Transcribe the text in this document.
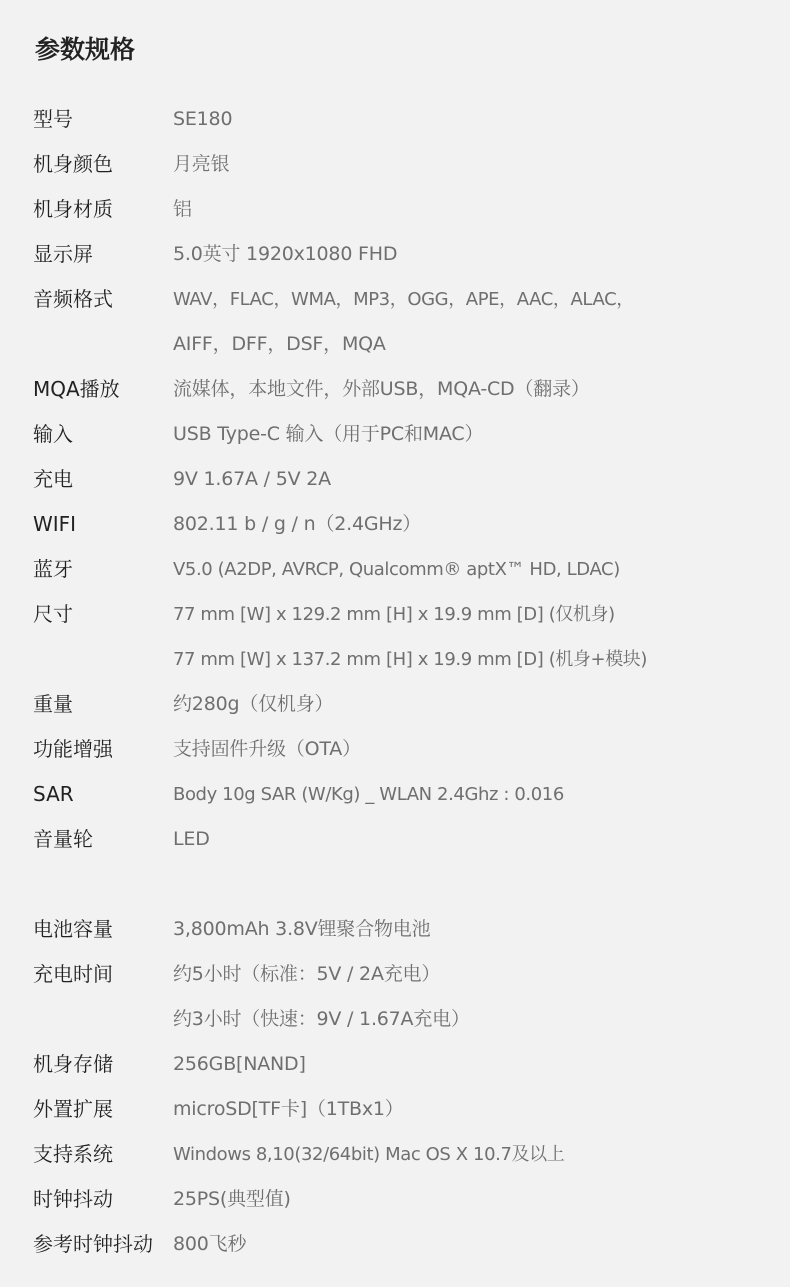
参数规格
型号	SE180
机身颜色	月亮银
机身材质	铝
显示屏	5.0英寸 1920x1080 FHD
音频格式	WAV，FLAC，WMA，MP3，OGG，APE，AAC，ALAC，
AIFF，DFF，DSF，MQA
MQA播放	流媒体，本地文件，外部USB，MQA-CD（翻录）
输入	USB Type-C 输入（用于PC和MAC）
充电	9V 1.67A / 5V 2A
WIFI	802.11 b / g / n（2.4GHz）
蓝牙	V5.0 (A2DP, AVRCP, Qualcomm® aptX™ HD, LDAC)
尺寸	77 mm [W] x 129.2 mm [H] x 19.9 mm [D] (仅机身)
77 mm [W] x 137.2 mm [H] x 19.9 mm [D] (机身+模块)
重量	约280g（仅机身）
功能增强	支持固件升级（OTA）
SAR	Body 10g SAR (W/Kg) _ WLAN 2.4Ghz : 0.016
音量轮	LED
电池容量	3,800mAh 3.8V锂聚合物电池
充电时间	约5小时（标准：5V / 2A充电）
约3小时（快速：9V / 1.67A充电）
机身存储	256GB[NAND]
外置扩展	microSD[TF卡]（1TBx1）
支持系统	Windows 8,10(32/64bit) Mac OS X 10.7及以上
时钟抖动	25PS(典型值)
参考时钟抖动 800飞秒
